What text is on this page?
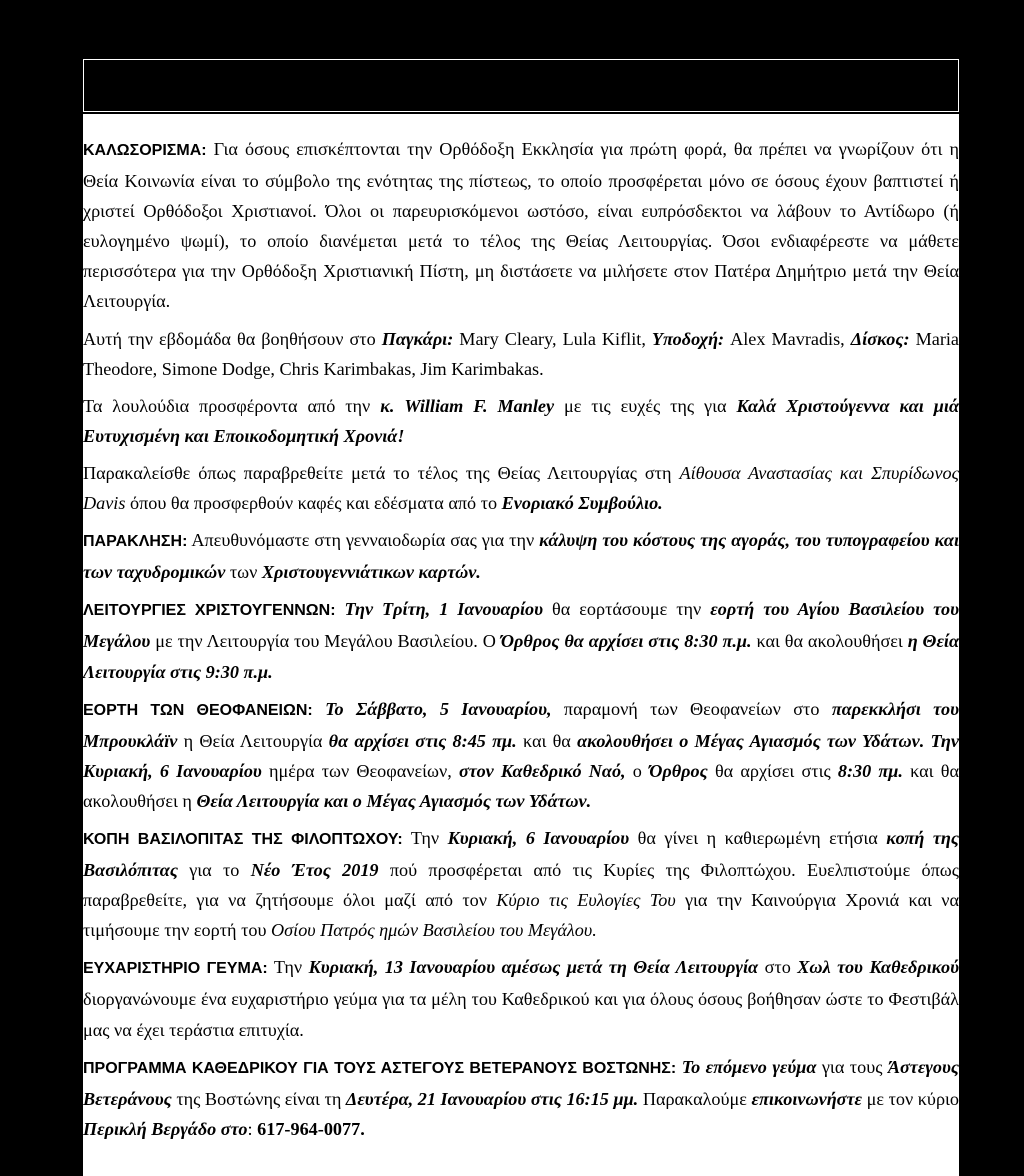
ΚΑΛΩΣΟΡΙΣΜΑ: Για όσους επισκέπτονται την Ορθόδοξη Εκκλησία για πρώτη φορά, θα πρέπει να γνωρίζουν ότι η Θεία Κοινωνία είναι το σύμβολο της ενότητας της πίστεως, το οποίο προσφέρεται μόνο σε όσους έχουν βαπτιστεί ή χριστεί Ορθόδοξοι Χριστιανοί. Όλοι οι παρευρισκόμενοι ωστόσο, είναι ευπρόσδεκτοι να λάβουν το Αντίδωρο (ή ευλογημένο ψωμί), το οποίο διανέμεται μετά το τέλος της Θείας Λειτουργίας. Όσοι ενδιαφέρεστε να μάθετε περισσότερα για την Ορθόδοξη Χριστιανική Πίστη, μη διστάσετε να μιλήσετε στον Πατέρα Δημήτριο μετά την Θεία Λειτουργία.

Αυτή την εβδομάδα θα βοηθήσουν στο Παγκάρι: Mary Cleary, Lula Kiflit, Υποδοχή: Alex Mavradis, Δίσκος: Maria Theodore, Simone Dodge, Chris Karimbakas, Jim Karimbakas.

Τα λουλούδια προσφέροντα από την κ. William F. Manley με τις ευχές της για Καλά Χριστούγεννα και μιά Ευτυχισμένη και Εποικοδομητική Χρονιά!

Παρακαλείσθε όπως παραβρεθείτε μετά το τέλος της Θείας Λειτουργίας στη Αίθουσα Αναστασίας και Σπυρίδωνος Davis όπου θα προσφερθούν καφές και εδέσματα από το Ενοριακό Συμβούλιο.

ΠΑΡΑΚΛΗΣΗ: Απευθυνόμαστε στη γενναιοδωρία σας για την κάλυψη του κόστους της αγοράς, του τυπογραφείου και των ταχυδρομικών των Χριστουγεννιάτικων καρτών.

ΛΕΙΤΟΥΡΓΙΕΣ ΧΡΙΣΤΟΥΓΕΝΝΩΝ: Την Τρίτη, 1 Ιανουαρίου θα εορτάσουμε την εορτή του Αγίου Βασιλείου του Μεγάλου με την Λειτουργία του Μεγάλου Βασιλείου. Ο Όρθρος θα αρχίσει στις 8:30 π.μ. και θα ακολουθήσει η Θεία Λειτουργία στις 9:30 π.μ.

ΕΟΡΤΗ ΤΩΝ ΘΕΟΦΑΝΕΙΩΝ: Το Σάββατο, 5 Ιανουαρίου, παραμονή των Θεοφανείων στο παρεκκλήσι του Μπρουκλάϊν η Θεία Λειτουργία θα αρχίσει στις 8:45 πμ. και θα ακολουθήσει ο Μέγας Αγιασμός των Υδάτων. Την Κυριακή, 6 Ιανουαρίου ημέρα των Θεοφανείων, στον Καθεδρικό Ναό, ο Όρθρος θα αρχίσει στις 8:30 πμ. και θα ακολουθήσει η Θεία Λειτουργία και ο Μέγας Αγιασμός των Υδάτων.

ΚΟΠΗ ΒΑΣΙΛΟΠΙΤΑΣ ΤΗΣ ΦΙΛΟΠΤΩΧΟΥ: Την Κυριακή, 6 Ιανουαρίου θα γίνει η καθιερωμένη ετήσια κοπή της Βασιλόπιτας για το Νέο Έτος 2019 πού προσφέρεται από τις Κυρίες της Φιλοπτώχου. Ευελπιστούμε όπως παραβρεθείτε, για να ζητήσουμε όλοι μαζί από τον Κύριο τις Ευλογίες Του για την Καινούργια Χρονιά και να τιμήσουμε την εορτή του Οσίου Πατρός ημών Βασιλείου του Μεγάλου.

ΕΥΧΑΡΙΣΤΗΡΙΟ ΓΕΥΜΑ: Την Κυριακή, 13 Ιανουαρίου αμέσως μετά τη Θεία Λειτουργία στο Χωλ του Καθεδρικού διοργανώνουμε ένα ευχαριστήριο γεύμα για τα μέλη του Καθεδρικού και για όλους όσους βοήθησαν ώστε το Φεστιβάλ μας να έχει τεράστια επιτυχία.

ΠΡΟΓΡΑΜΜΑ ΚΑΘΕΔΡΙΚΟΥ ΓΙΑ ΤΟΥΣ ΑΣΤΕΓΟΥΣ ΒΕΤΕΡΑΝΟΥΣ ΒΟΣΤΩΝΗΣ: Το επόμενο γεύμα για τους Άστεγους Βετεράνους της Βοστώνης είναι τη Δευτέρα, 21 Ιανουαρίου στις 16:15 μμ. Παρακαλούμε επικοινωνήστε με τον κύριο Περικλή Βεργάδο στο: 617-964-0077.
